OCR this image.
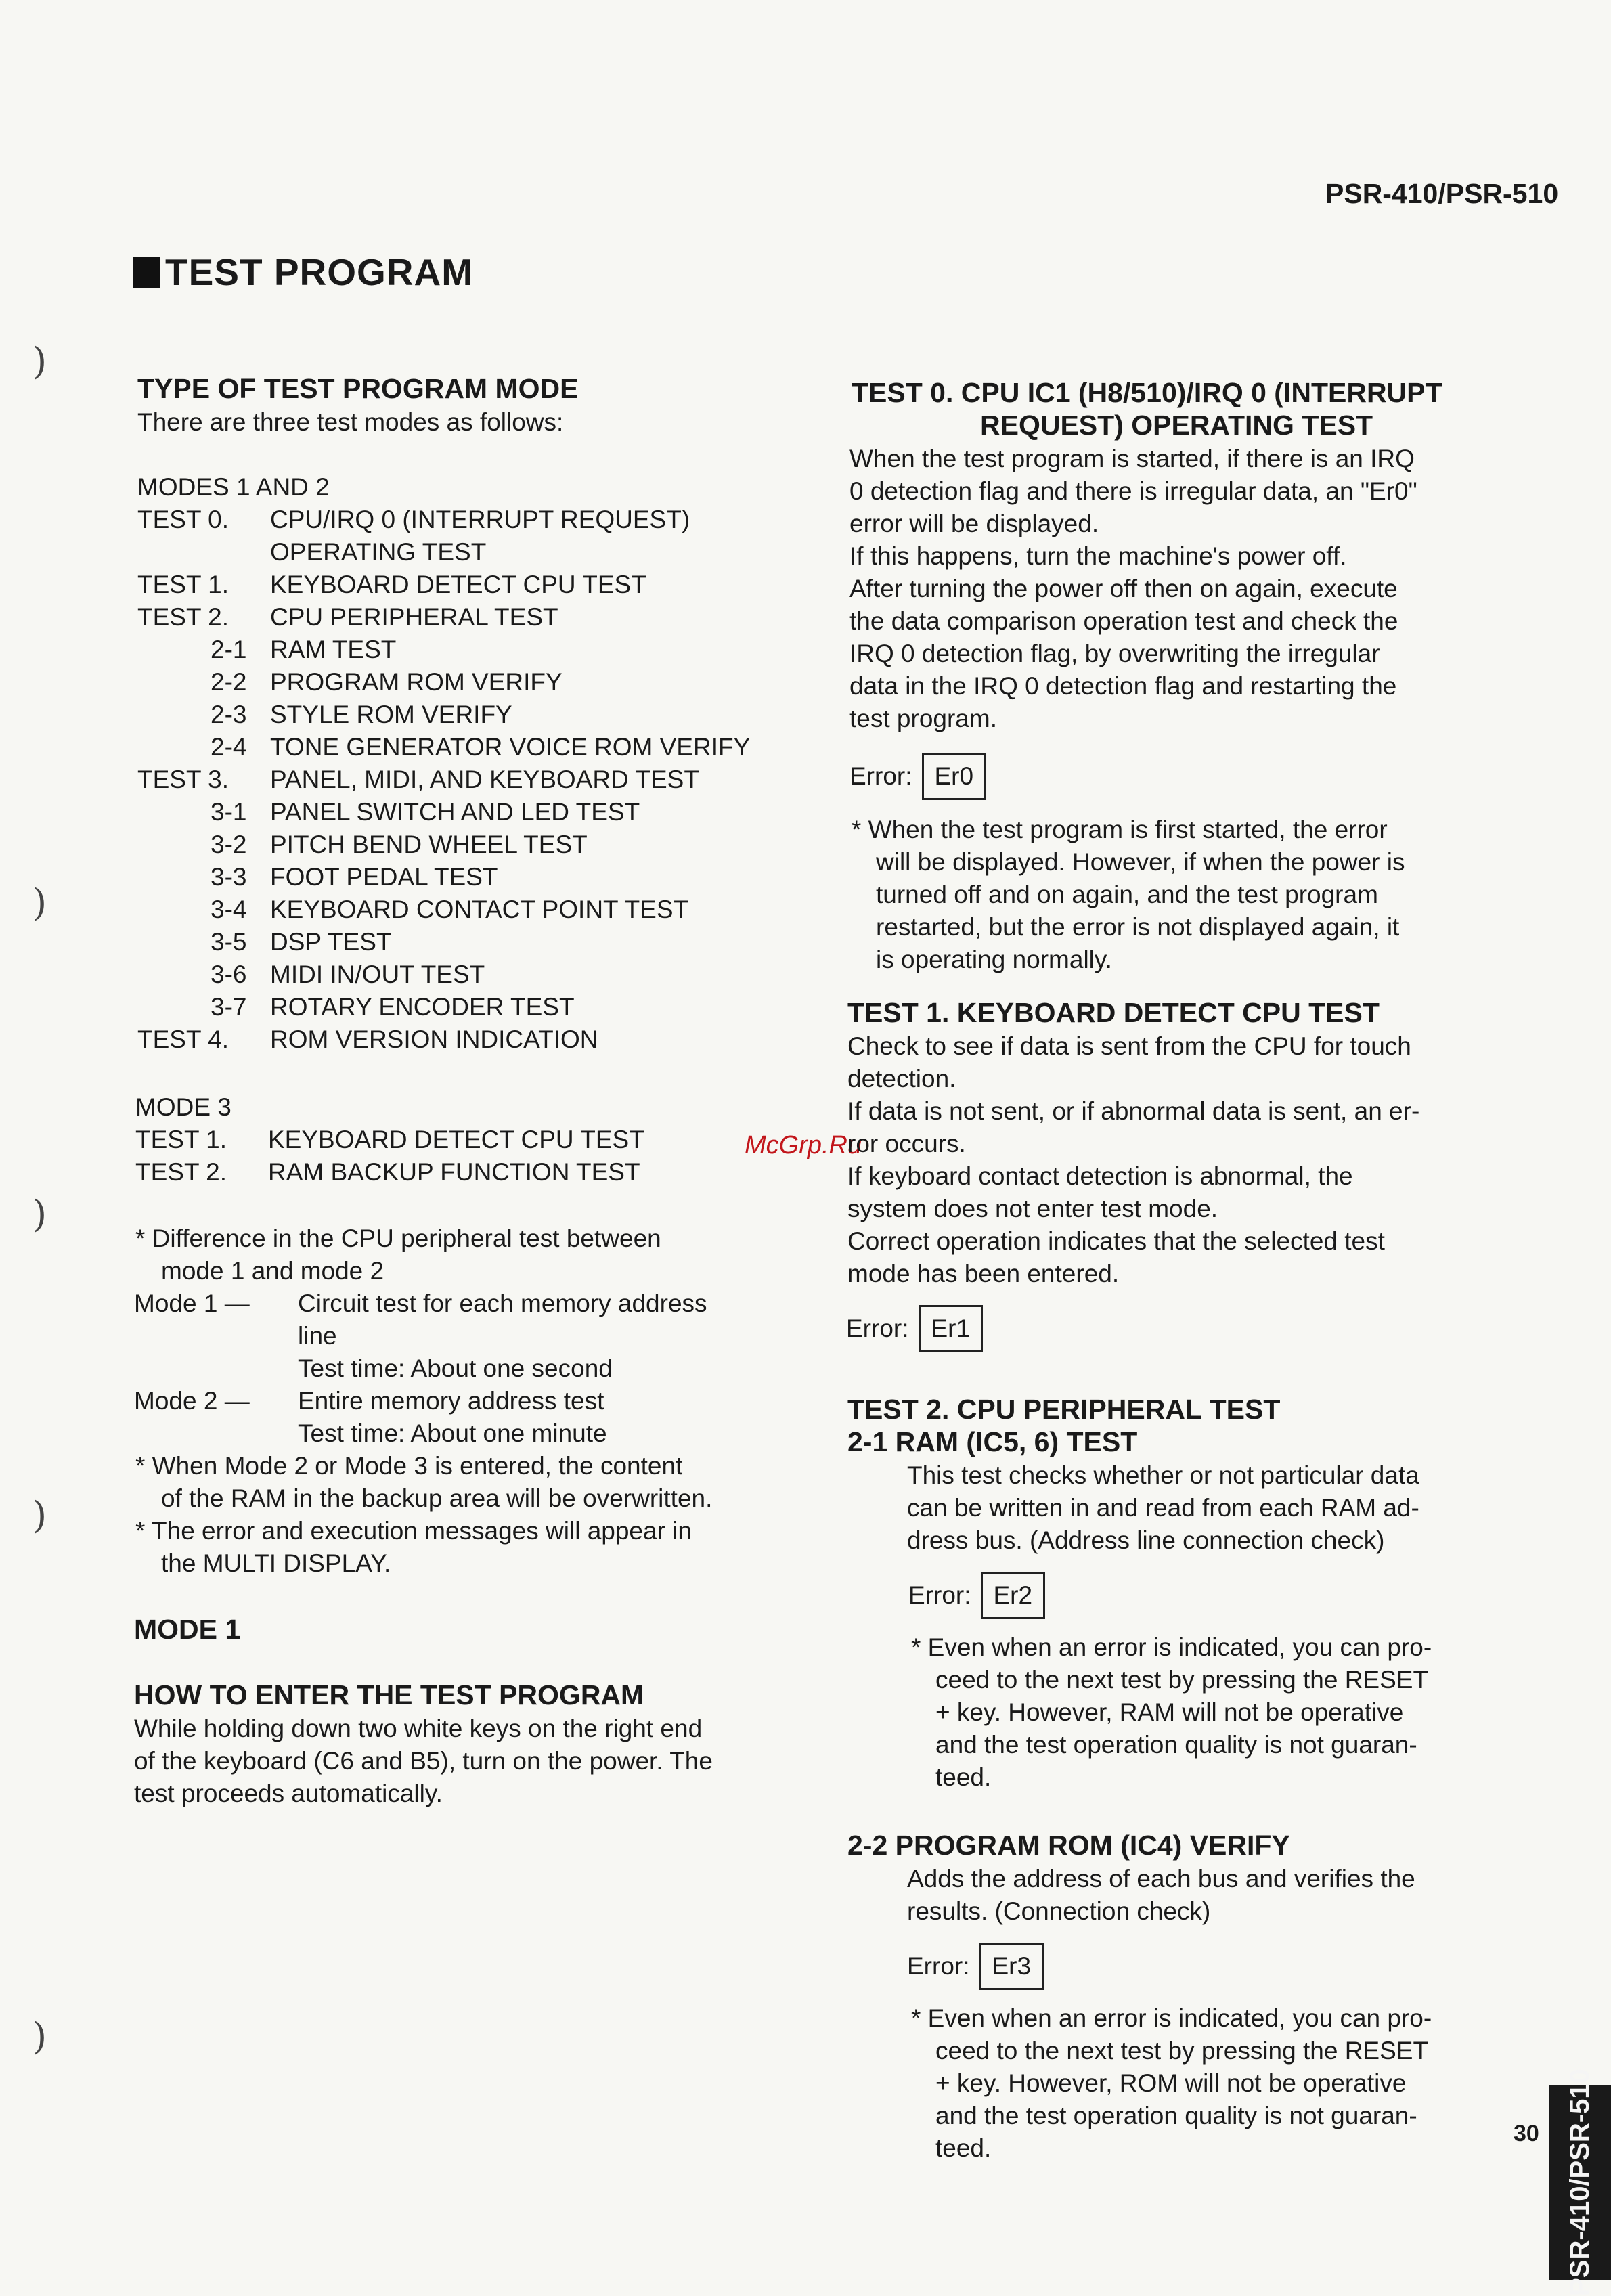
PSR-410/PSR-510
TEST PROGRAM
)
)
)
)
)
TYPE OF TEST PROGRAM MODE
There are three test modes as follows:
MODES 1 AND 2
TEST 0. CPU/IRQ 0 (INTERRUPT REQUEST)
OPERATING TEST
TEST 1. KEYBOARD DETECT CPU TEST
TEST 2. CPU PERIPHERAL TEST
2-1 RAM TEST
2-2 PROGRAM ROM VERIFY
2-3 STYLE ROM VERIFY
2-4 TONE GENERATOR VOICE ROM VERIFY
TEST 3. PANEL, MIDI, AND KEYBOARD TEST
3-1 PANEL SWITCH AND LED TEST
3-2 PITCH BEND WHEEL TEST
3-3 FOOT PEDAL TEST
3-4 KEYBOARD CONTACT POINT TEST
3-5 DSP TEST
3-6 MIDI IN/OUT TEST
3-7 ROTARY ENCODER TEST
TEST 4. ROM VERSION INDICATION
MODE 3
TEST 1. KEYBOARD DETECT CPU TEST
TEST 2. RAM BACKUP FUNCTION TEST
* Difference in the CPU peripheral test between
mode 1 and mode 2
Mode 1 — Circuit test for each memory address
line
Test time: About one second
Mode 2 — Entire memory address test
Test time: About one minute
* When Mode 2 or Mode 3 is entered, the content
of the RAM in the backup area will be overwritten.
* The error and execution messages will appear in
the MULTI DISPLAY.
MODE 1
HOW TO ENTER THE TEST PROGRAM
While holding down two white keys on the right end
of the keyboard (C6 and B5), turn on the power. The
test proceeds automatically.
McGrp.Ru
TEST 0. CPU IC1 (H8/510)/IRQ 0 (INTERRUPT
REQUEST) OPERATING TEST
When the test program is started, if there is an IRQ
0 detection flag and there is irregular data, an "Er0"
error will be displayed.
If this happens, turn the machine's power off.
After turning the power off then on again, execute
the data comparison operation test and check the
IRQ 0 detection flag, by overwriting the irregular
data in the IRQ 0 detection flag and restarting the
test program.
Error: Er0
* When the test program is first started, the error
will be displayed. However, if when the power is
turned off and on again, and the test program
restarted, but the error is not displayed again, it
is operating normally.
TEST 1. KEYBOARD DETECT CPU TEST
Check to see if data is sent from the CPU for touch
detection.
If data is not sent, or if abnormal data is sent, an er-
ror occurs.
If keyboard contact detection is abnormal, the
system does not enter test mode.
Correct operation indicates that the selected test
mode has been entered.
Error: Er1
TEST 2. CPU PERIPHERAL TEST
2-1 RAM (IC5, 6) TEST
This test checks whether or not particular data
can be written in and read from each RAM ad-
dress bus. (Address line connection check)
Error: Er2
* Even when an error is indicated, you can pro-
ceed to the next test by pressing the RESET
+ key. However, RAM will not be operative
and the test operation quality is not guaran-
teed.
2-2 PROGRAM ROM (IC4) VERIFY
Adds the address of each bus and verifies the
results. (Connection check)
Error: Er3
* Even when an error is indicated, you can pro-
ceed to the next test by pressing the RESET
+ key. However, ROM will not be operative
and the test operation quality is not guaran-
teed.
30 PSR-410/PSR-510
